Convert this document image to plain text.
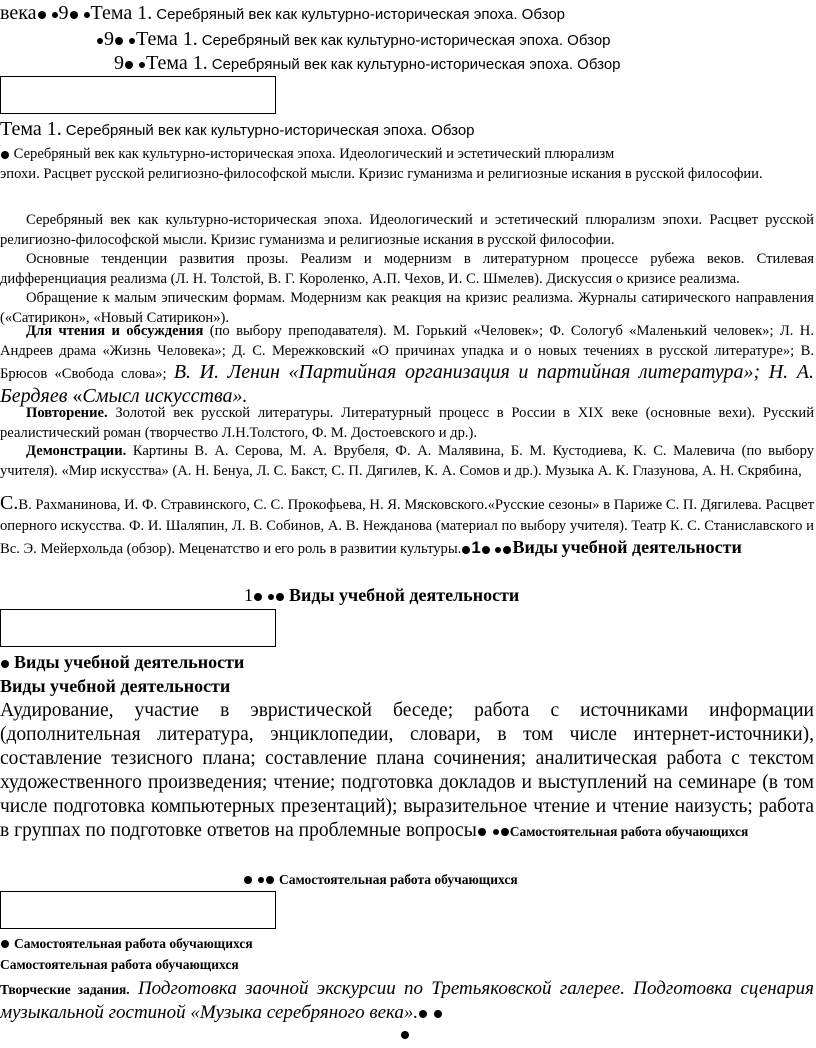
века 9 Тема 1. Серебряный век как культурно-историческая эпоха. Обзор
9 Тема 1. Серебряный век как культурно-историческая эпоха. Обзор
9 Тема 1. Серебряный век как культурно-историческая эпоха. Обзор
Тема 1. Серебряный век как культурно-историческая эпоха. Обзор
Серебряный век как культурно-историческая эпоха. Идеологический и эстетический плюрализм
эпохи. Расцвет русской религиозно-философской мысли. Кризис гуманизма и религиозные искания в русской философии.
Серебряный век как культурно-историческая эпоха. Идеологический и эстетический плюрализм эпохи. Расцвет русской религиозно-философской мысли. Кризис гуманизма и религиозные искания в русской философии.
Основные тенденции развития прозы. Реализм и модернизм в литературном процессе рубежа веков. Стилевая дифференциация реализма (Л. Н. Толстой, В. Г. Короленко, А.П. Чехов, И. С. Шмелев). Дискуссия о кризисе реализма.
Обращение к малым эпическим формам. Модернизм как реакция на кризис реализма. Журналы сатирического направления («Сатирикон», «Новый Сатирикон»).
Для чтения и обсуждения (по выбору преподавателя). М. Горький «Человек»; Ф. Сологуб «Маленький человек»; Л. Н. Андреев драма «Жизнь Человека»; Д. С. Мережковский «О причинах упадка и о новых течениях в русской литературе»; В. Брюсов «Свобода слова»; В. И. Ленин «Партийная организация и партийная литература»; Н. А. Бердяев «Смысл искусства».
Повторение. Золотой век русской литературы. Литературный процесс в России в XIX веке (основные вехи). Русский реалистический роман (творчество Л.Н.Толстого, Ф. М. Достоевского и др.).
Демонстрации. Картины В. А. Серова, М. А. Врубеля, Ф. А. Малявина, Б. М. Кустодиева, К. С. Малевича (по выбору учителя). «Мир искусства» (А. Н. Бенуа, Л. С. Бакст, С. П. Дягилев, К. А. Сомов и др.). Музыка А. К. Глазунова, А. Н. Скрябина,
С.В. Рахманинова, И. Ф. Стравинского, С. С. Прокофьева, Н. Я. Мясковского.«Русские сезоны» в Париже С. П. Дягилева. Расцвет оперного искусства. Ф. И. Шаляпин, Л. В. Собинов, А. В. Нежданова (материал по выбору учителя). Театр К. С. Станиславского и Вс. Э. Мейерхольда (обзор). Меценатство и его роль в развитии культуры. 1 Виды учебной деятельности
1 Виды учебной деятельности
Виды учебной деятельности
Виды учебной деятельности
Аудирование, участие в эвристической беседе; работа с источниками информации (дополнительная литература, энциклопедии, словари, в том числе интернет-источники), составление тезисного плана; составление плана сочинения; аналитическая работа с текстом художественного произведения; чтение; подготовка докладов и выступлений на семинаре (в том числе подготовка компьютерных презентаций); выразительное чтение и чтение наизусть; работа в группах по подготовке ответов на проблемные вопросы Самостоятельная работа обучающихся
Самостоятельная работа обучающихся
Самостоятельная работа обучающихся
Самостоятельная работа обучающихся
Творческие задания. Подготовка заочной экскурсии по Третьяковской галерее. Подготовка сценария музыкальной гостиной «Музыка серебряного века».
